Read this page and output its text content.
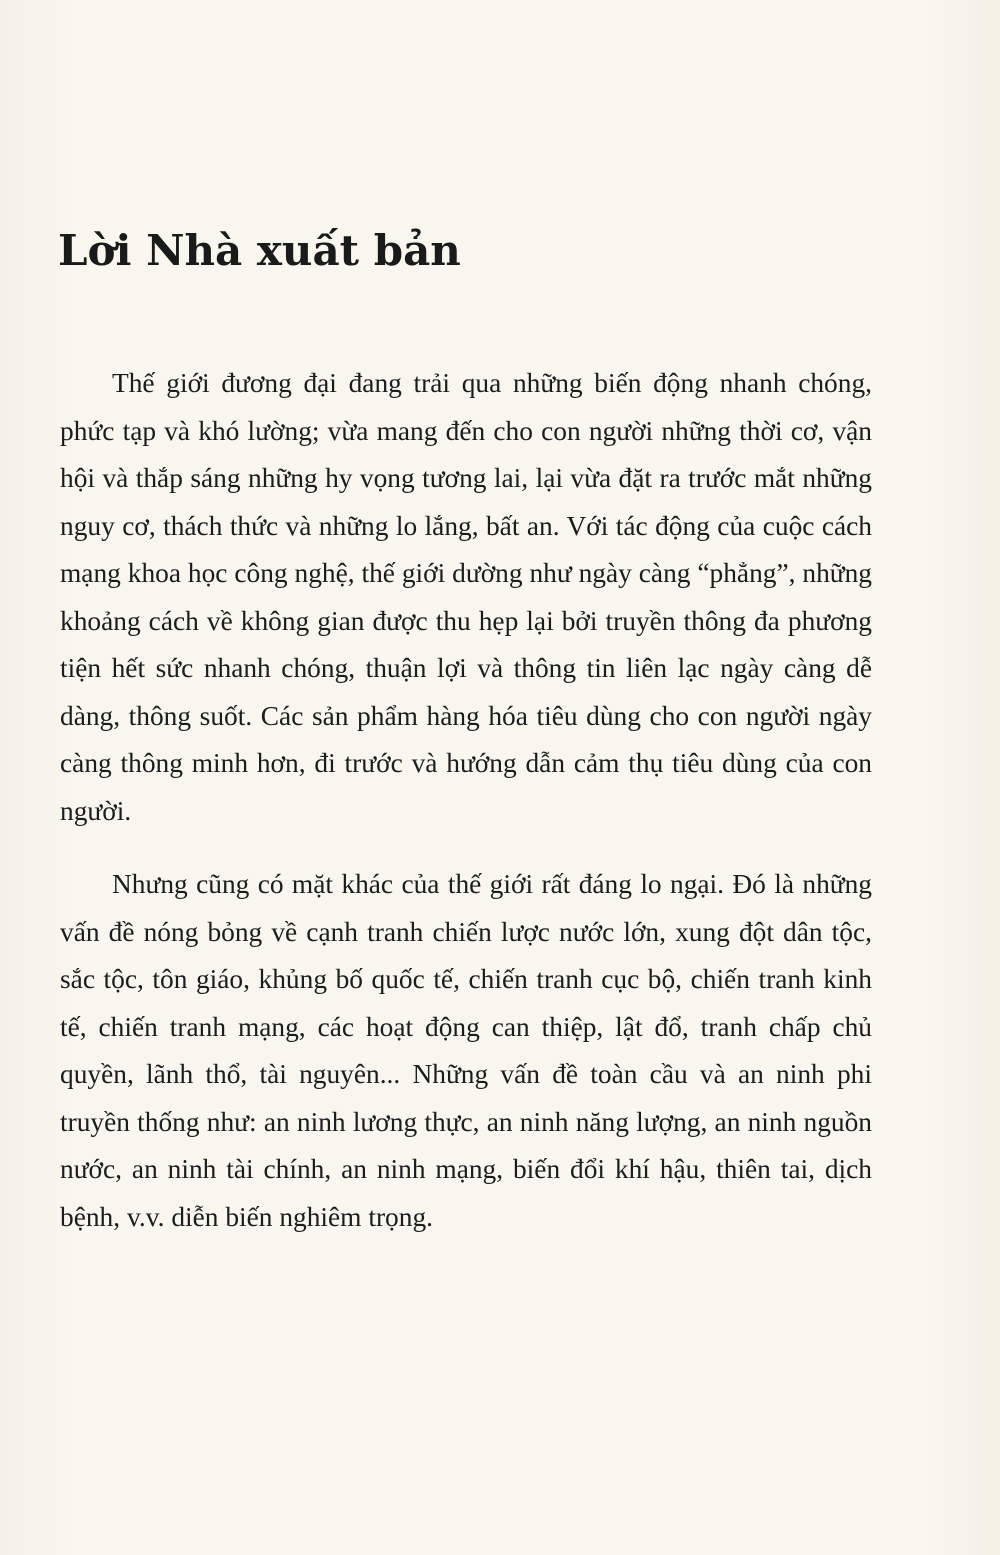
Lời Nhà xuất bản

Thế giới đương đại đang trải qua những biến động nhanh chóng, phức tạp và khó lường; vừa mang đến cho con người những thời cơ, vận hội và thắp sáng những hy vọng tương lai, lại vừa đặt ra trước mắt những nguy cơ, thách thức và những lo lắng, bất an. Với tác động của cuộc cách mạng khoa học công nghệ, thế giới dường như ngày càng “phẳng”, những khoảng cách về không gian được thu hẹp lại bởi truyền thông đa phương tiện hết sức nhanh chóng, thuận lợi và thông tin liên lạc ngày càng dễ dàng, thông suốt. Các sản phẩm hàng hóa tiêu dùng cho con người ngày càng thông minh hơn, đi trước và hướng dẫn cảm thụ tiêu dùng của con người.

Nhưng cũng có mặt khác của thế giới rất đáng lo ngại. Đó là những vấn đề nóng bỏng về cạnh tranh chiến lược nước lớn, xung đột dân tộc, sắc tộc, tôn giáo, khủng bố quốc tế, chiến tranh cục bộ, chiến tranh kinh tế, chiến tranh mạng, các hoạt động can thiệp, lật đổ, tranh chấp chủ quyền, lãnh thổ, tài nguyên... Những vấn đề toàn cầu và an ninh phi truyền thống như: an ninh lương thực, an ninh năng lượng, an ninh nguồn nước, an ninh tài chính, an ninh mạng, biến đổi khí hậu, thiên tai, dịch bệnh, v.v. diễn biến nghiêm trọng.
